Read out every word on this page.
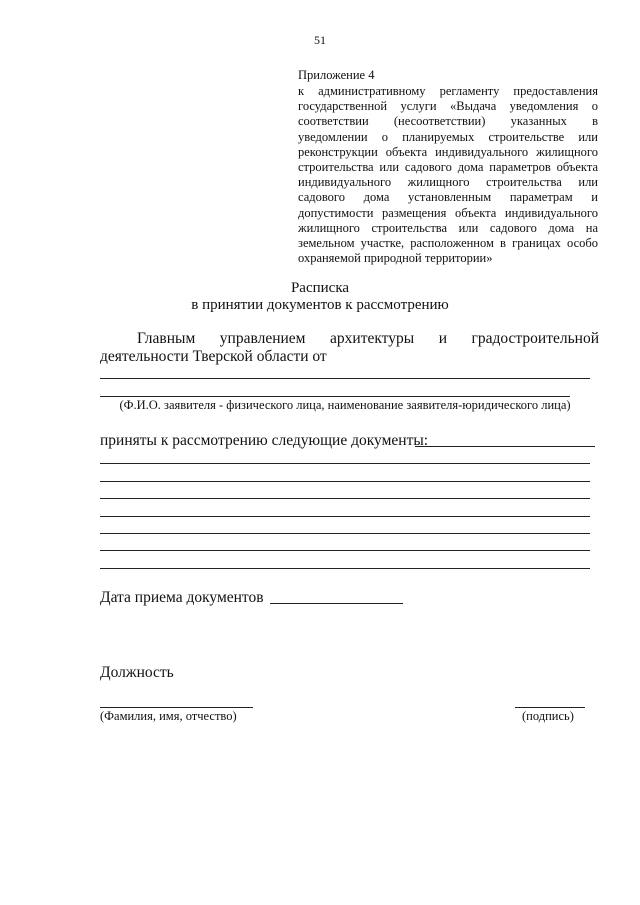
51
Приложение 4
к административному регламенту предоставления государственной услуги «Выдача уведомления о соответствии (несоответствии) указанных в уведомлении о планируемых строительстве или реконструкции объекта индивидуального жилищного строительства или садового дома параметров объекта индивидуального жилищного строительства или садового дома установленным параметрам и допустимости размещения объекта индивидуального жилищного строительства или садового дома на земельном участке, расположенном в границах особо охраняемой природной территории»
Расписка
в принятии документов к рассмотрению
Главным управлением архитектуры и градостроительной деятельности Тверской области от
(Ф.И.О. заявителя - физического лица, наименование заявителя-юридического лица)
приняты к рассмотрению следующие документы:
Дата приема документов
Должность
(Фамилия, имя, отчество)	(подпись)
